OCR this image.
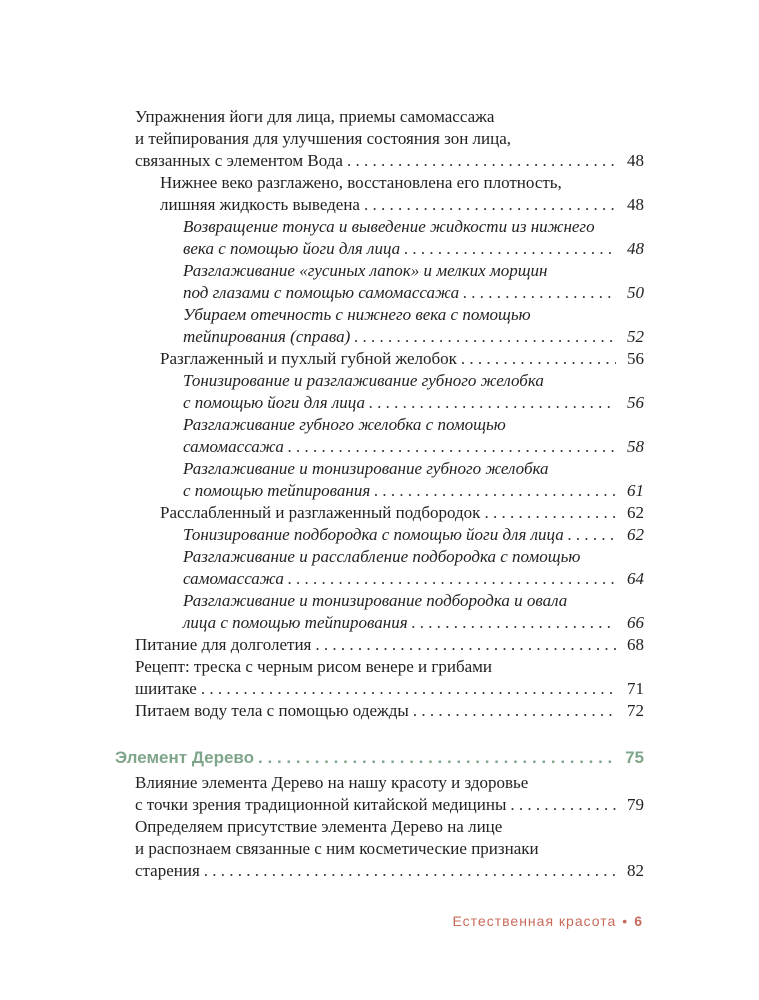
Естественная красота • 6
Упражнения йоги для лица, приемы самомассажа
и тейпирования для улучшения состояния зон лица,
связанных с элементом Вода . . .	48
Нижнее веко разглажено, восстановлена его плотность,
лишняя жидкость выведена . . .	48
Возвращение тонуса и выведение жидкости из нижнего
века с помощью йоги для лица . . .	48
Разглаживание «гусиных лапок» и мелких морщин
под глазами с помощью самомассажа . . .	50
Убираем отечность с нижнего века с помощью
тейпирования (справа) . . .	52
Разглаженный и пухлый губной желобок . . .	56
Тонизирование и разглаживание губного желобка
с помощью йоги для лица . . .	56
Разглаживание губного желобка с помощью
самомассажа . . .	58
Разглаживание и тонизирование губного желобка
с помощью тейпирования . . .	61
Расслабленный и разглаженный подбородок . . .	62
Тонизирование подбородка с помощью йоги для лица . . .	62
Разглаживание и расслабление подбородка с помощью
самомассажа . . .	64
Разглаживание и тонизирование подбородка и овала
лица с помощью тейпирования . . .	66
Питание для долголетия . . .	68
Рецепт: треска с черным рисом венере и грибами
шиитаке . . .	71
Питаем воду тела с помощью одежды . . .	72
Элемент Дерево . . .	75
Влияние элемента Дерево на нашу красоту и здоровье
с точки зрения традиционной китайской медицины . . .	79
Определяем присутствие элемента Дерево на лице
и распознаем связанные с ним косметические признаки
старения . . .	82
